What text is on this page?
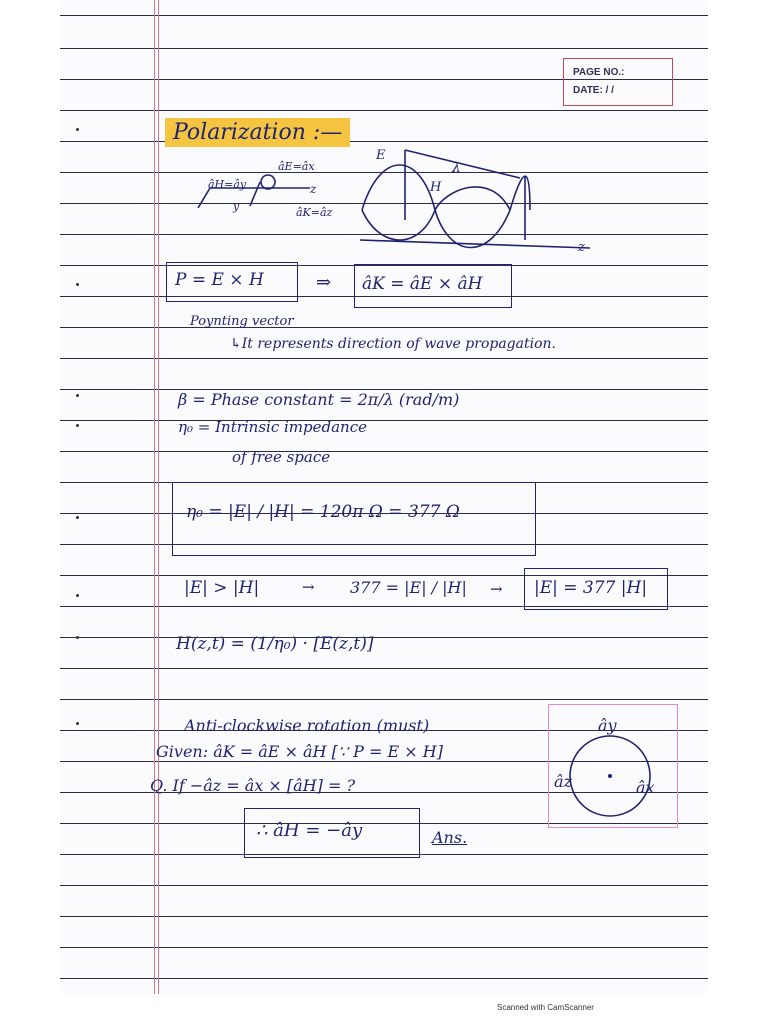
PAGE NO.:
DATE: / /
Polarization :—
E
H
λ
z
z
âE=âx
âH=ây
âK=âz
y
P = E × H	⇒ âK = âE × âH
Poynting vector
↳It represents direction of wave propagation.
β = Phase constant = 2π/λ (rad/m)
η₀ = Intrinsic impedance
of free space
η₀ = |E| / |H| = 120π Ω = 377 Ω
|E| > |H|	→ 377 = |E| / |H| → |E| = 377 |H|
H(z,t) = (1/η₀) · [E(z,t)]
Anti-clockwise rotation (must)
Given: âK = âE × âH [∵ P = E × H]
Q. If −âz = âx × [âH] = ?
∴ âH = −ây	Ans.
ây
âz	âx
Scanned with CamScanner
